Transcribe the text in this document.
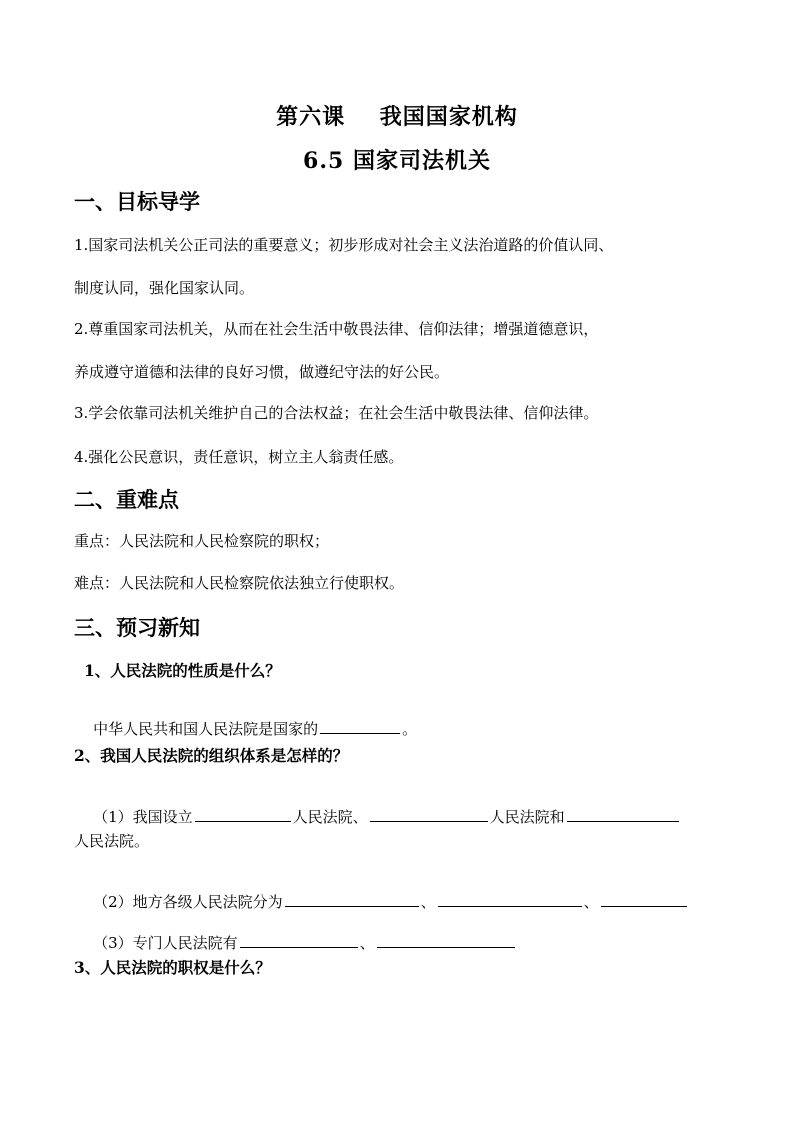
第六课    我国国家机构
6.5 国家司法机关
一、目标导学
1.国家司法机关公正司法的重要意义；初步形成对社会主义法治道路的价值认同、
制度认同，强化国家认同。
2.尊重国家司法机关，从而在社会生活中敬畏法律、信仰法律；增强道德意识，
养成遵守道德和法律的良好习惯，做遵纪守法的好公民。
3.学会依靠司法机关维护自己的合法权益；在社会生活中敬畏法律、信仰法律。
4.强化公民意识，责任意识，树立主人翁责任感。
二、重难点
重点：人民法院和人民检察院的职权；
难点：人民法院和人民检察院依法独立行使职权。
三、预习新知
1、人民法院的性质是什么？

中华人民共和国人民法院是国家的	。

2、我国人民法院的组织体系是怎样的？

（1）我国设立	人民法院、	人民法院和

人民法院。

（2）地方各级人民法院分为	、	、

（3）专门人民法院有	、

3、人民法院的职权是什么？
